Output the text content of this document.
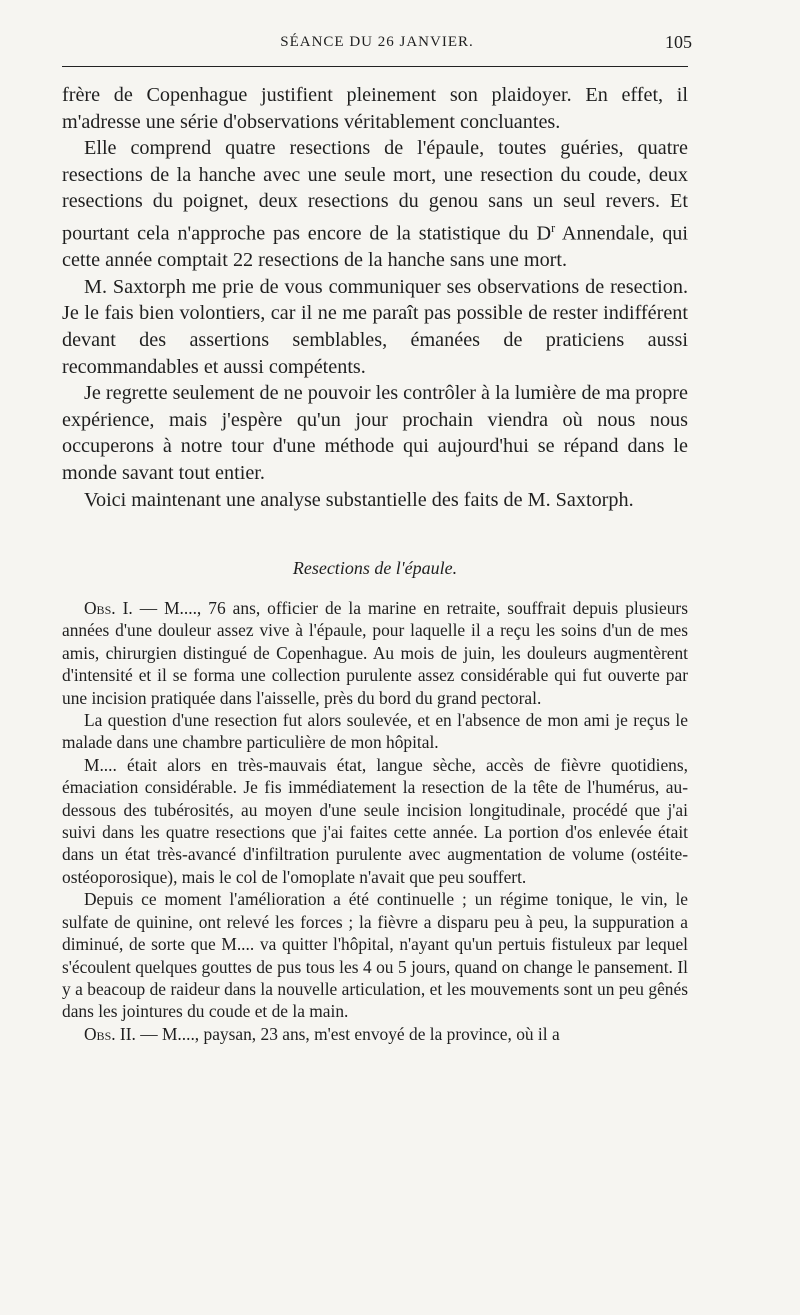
SÉANCE DU 26 JANVIER.	105

frère de Copenhague justifient pleinement son plaidoyer. En effet, il m'adresse une série d'observations véritablement concluantes.

Elle comprend quatre resections de l'épaule, toutes guéries, quatre resections de la hanche avec une seule mort, une resection du coude, deux resections du poignet, deux resections du genou sans un seul revers. Et pourtant cela n'approche pas encore de la statistique du $D^r$ Annendale, qui cette année comptait 22 resections de la hanche sans une mort.

M. Saxtorph me prie de vous communiquer ses observations de resection. Je le fais bien volontiers, car il ne me paraît pas possible de rester indifférent devant des assertions semblables, émanées de praticiens aussi recommandables et aussi compétents.

Je regrette seulement de ne pouvoir les contrôler à la lumière de ma propre expérience, mais j'espère qu'un jour prochain viendra où nous nous occuperons à notre tour d'une méthode qui aujourd'hui se répand dans le monde savant tout entier.

Voici maintenant une analyse substantielle des faits de M. Saxtorph.

Resections de l'épaule.

Obs. I. — M...., 76 ans, officier de la marine en retraite, souffrait depuis plusieurs années d'une douleur assez vive à l'épaule, pour laquelle il a reçu les soins d'un de mes amis, chirurgien distingué de Copenhague. Au mois de juin, les douleurs augmentèrent d'intensité et il se forma une collection purulente assez considérable qui fut ouverte par une incision pratiquée dans l'aisselle, près du bord du grand pectoral.

La question d'une resection fut alors soulevée, et en l'absence de mon ami je reçus le malade dans une chambre particulière de mon hôpital.

M.... était alors en très-mauvais état, langue sèche, accès de fièvre quotidiens, émaciation considérable. Je fis immédiatement la resection de la tête de l'humérus, au-dessous des tubérosités, au moyen d'une seule incision longitudinale, procédé que j'ai suivi dans les quatre resections que j'ai faites cette année. La portion d'os enlevée était dans un état très-avancé d'infiltration purulente avec augmentation de volume (ostéite-ostéoporosique), mais le col de l'omoplate n'avait que peu souffert.

Depuis ce moment l'amélioration a été continuelle ; un régime tonique, le vin, le sulfate de quinine, ont relevé les forces ; la fièvre a disparu peu à peu, la suppuration a diminué, de sorte que M.... va quitter l'hôpital, n'ayant qu'un pertuis fistuleux par lequel s'écoulent quelques gouttes de pus tous les 4 ou 5 jours, quand on change le pansement. Il y a beacoup de raideur dans la nouvelle articulation, et les mouvements sont un peu gênés dans les jointures du coude et de la main.

Obs. II. — M...., paysan, 23 ans, m'est envoyé de la province, où il a
